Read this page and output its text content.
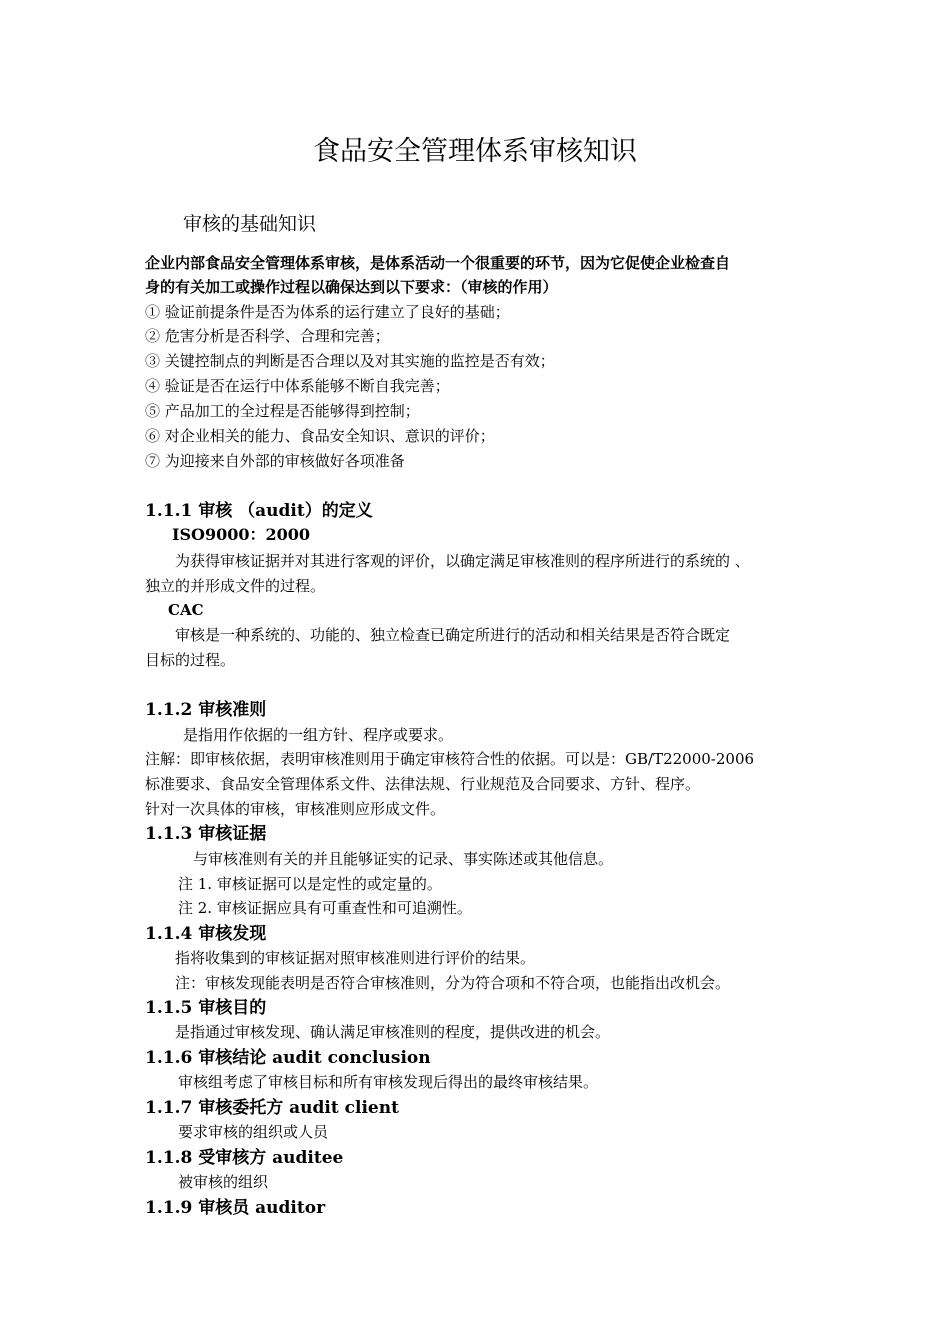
食品安全管理体系审核知识
审核的基础知识
企业内部食品安全管理体系审核，是体系活动一个很重要的环节，因为它促使企业检查自
身的有关加工或操作过程以确保达到以下要求：（审核的作用）
① 验证前提条件是否为体系的运行建立了良好的基础；
② 危害分析是否科学、合理和完善；
③ 关键控制点的判断是否合理以及对其实施的监控是否有效；
④ 验证是否在运行中体系能够不断自我完善；
⑤ 产品加工的全过程是否能够得到控制；
⑥ 对企业相关的能力、食品安全知识、意识的评价；
⑦ 为迎接来自外部的审核做好各项准备
1.1.1 审核 （audit）的定义
ISO9000：2000
为获得审核证据并对其进行客观的评价，以确定满足审核准则的程序所进行的系统的 、
独立的并形成文件的过程。
CAC
审核是一种系统的、功能的、独立检查已确定所进行的活动和相关结果是否符合既定
目标的过程。
1.1.2 审核准则
是指用作依据的一组方针、程序或要求。
注解：即审核依据，表明审核准则用于确定审核符合性的依据。可以是：GB/T22000-2006
标准要求、食品安全管理体系文件、法律法规、行业规范及合同要求、方针、程序。
针对一次具体的审核，审核准则应形成文件。
1.1.3 审核证据
与审核准则有关的并且能够证实的记录、事实陈述或其他信息。
注 1. 审核证据可以是定性的或定量的。
注 2. 审核证据应具有可重查性和可追溯性。
1.1.4 审核发现
指将收集到的审核证据对照审核准则进行评价的结果。
注：审核发现能表明是否符合审核准则，分为符合项和不符合项，也能指出改机会。
1.1.5 审核目的
是指通过审核发现、确认满足审核准则的程度，提供改进的机会。
1.1.6 审核结论 audit conclusion
审核组考虑了审核目标和所有审核发现后得出的最终审核结果。
1.1.7 审核委托方 audit client
要求审核的组织或人员
1.1.8 受审核方 auditee
被审核的组织
1.1.9 审核员 auditor
